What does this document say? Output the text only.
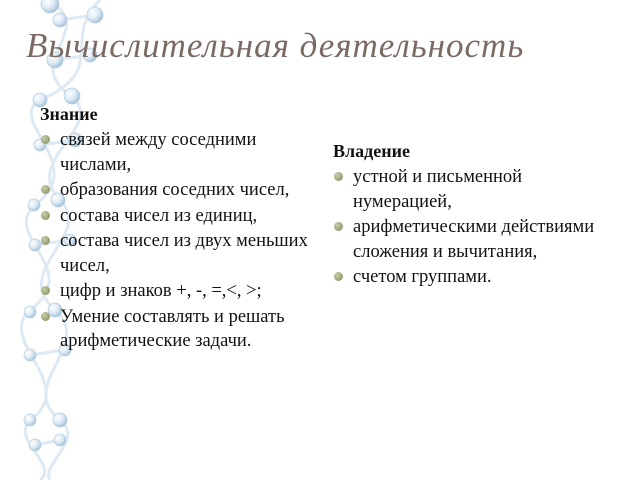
Вычислительная деятельность
Знание
связей между соседними числами,
образования соседних чисел,
состава чисел из единиц,
состава чисел из двух меньших чисел,
цифр и знаков +, -, =,<, >;
Умение составлять и решать арифметические задачи.
Владение
устной и письменной нумерацией,
арифметическими действиями сложения и вычитания,
счетом группами.
